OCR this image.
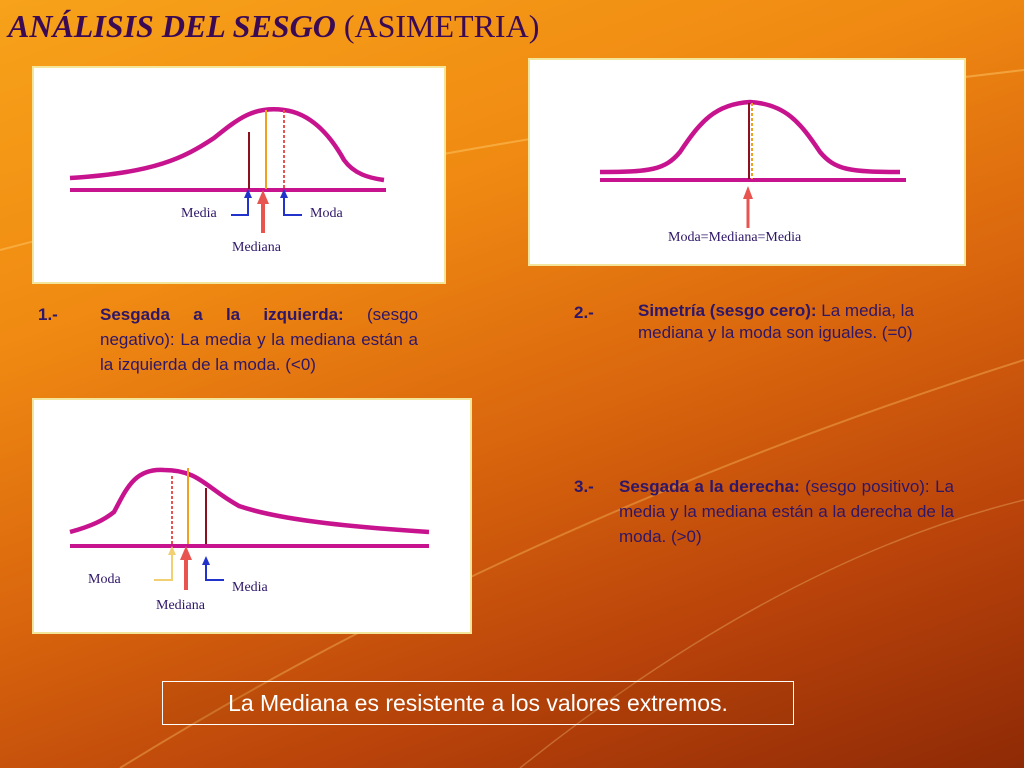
ANÁLISIS DEL SESGO (ASIMETRIA)
Media	Moda
Mediana
Moda=Mediana=Media
1.- Sesgada a la izquierda: (sesgo negativo): La media y la mediana están a la izquierda de la moda. (<0)
Moda
Mediana
Media
2.-	Simetría (sesgo cero): La media, la mediana y la moda son iguales. (=0)
3.- Sesgada a la derecha: (sesgo positivo): La media y la mediana están a la derecha de la moda. (>0)
La Mediana es resistente a los valores extremos.
